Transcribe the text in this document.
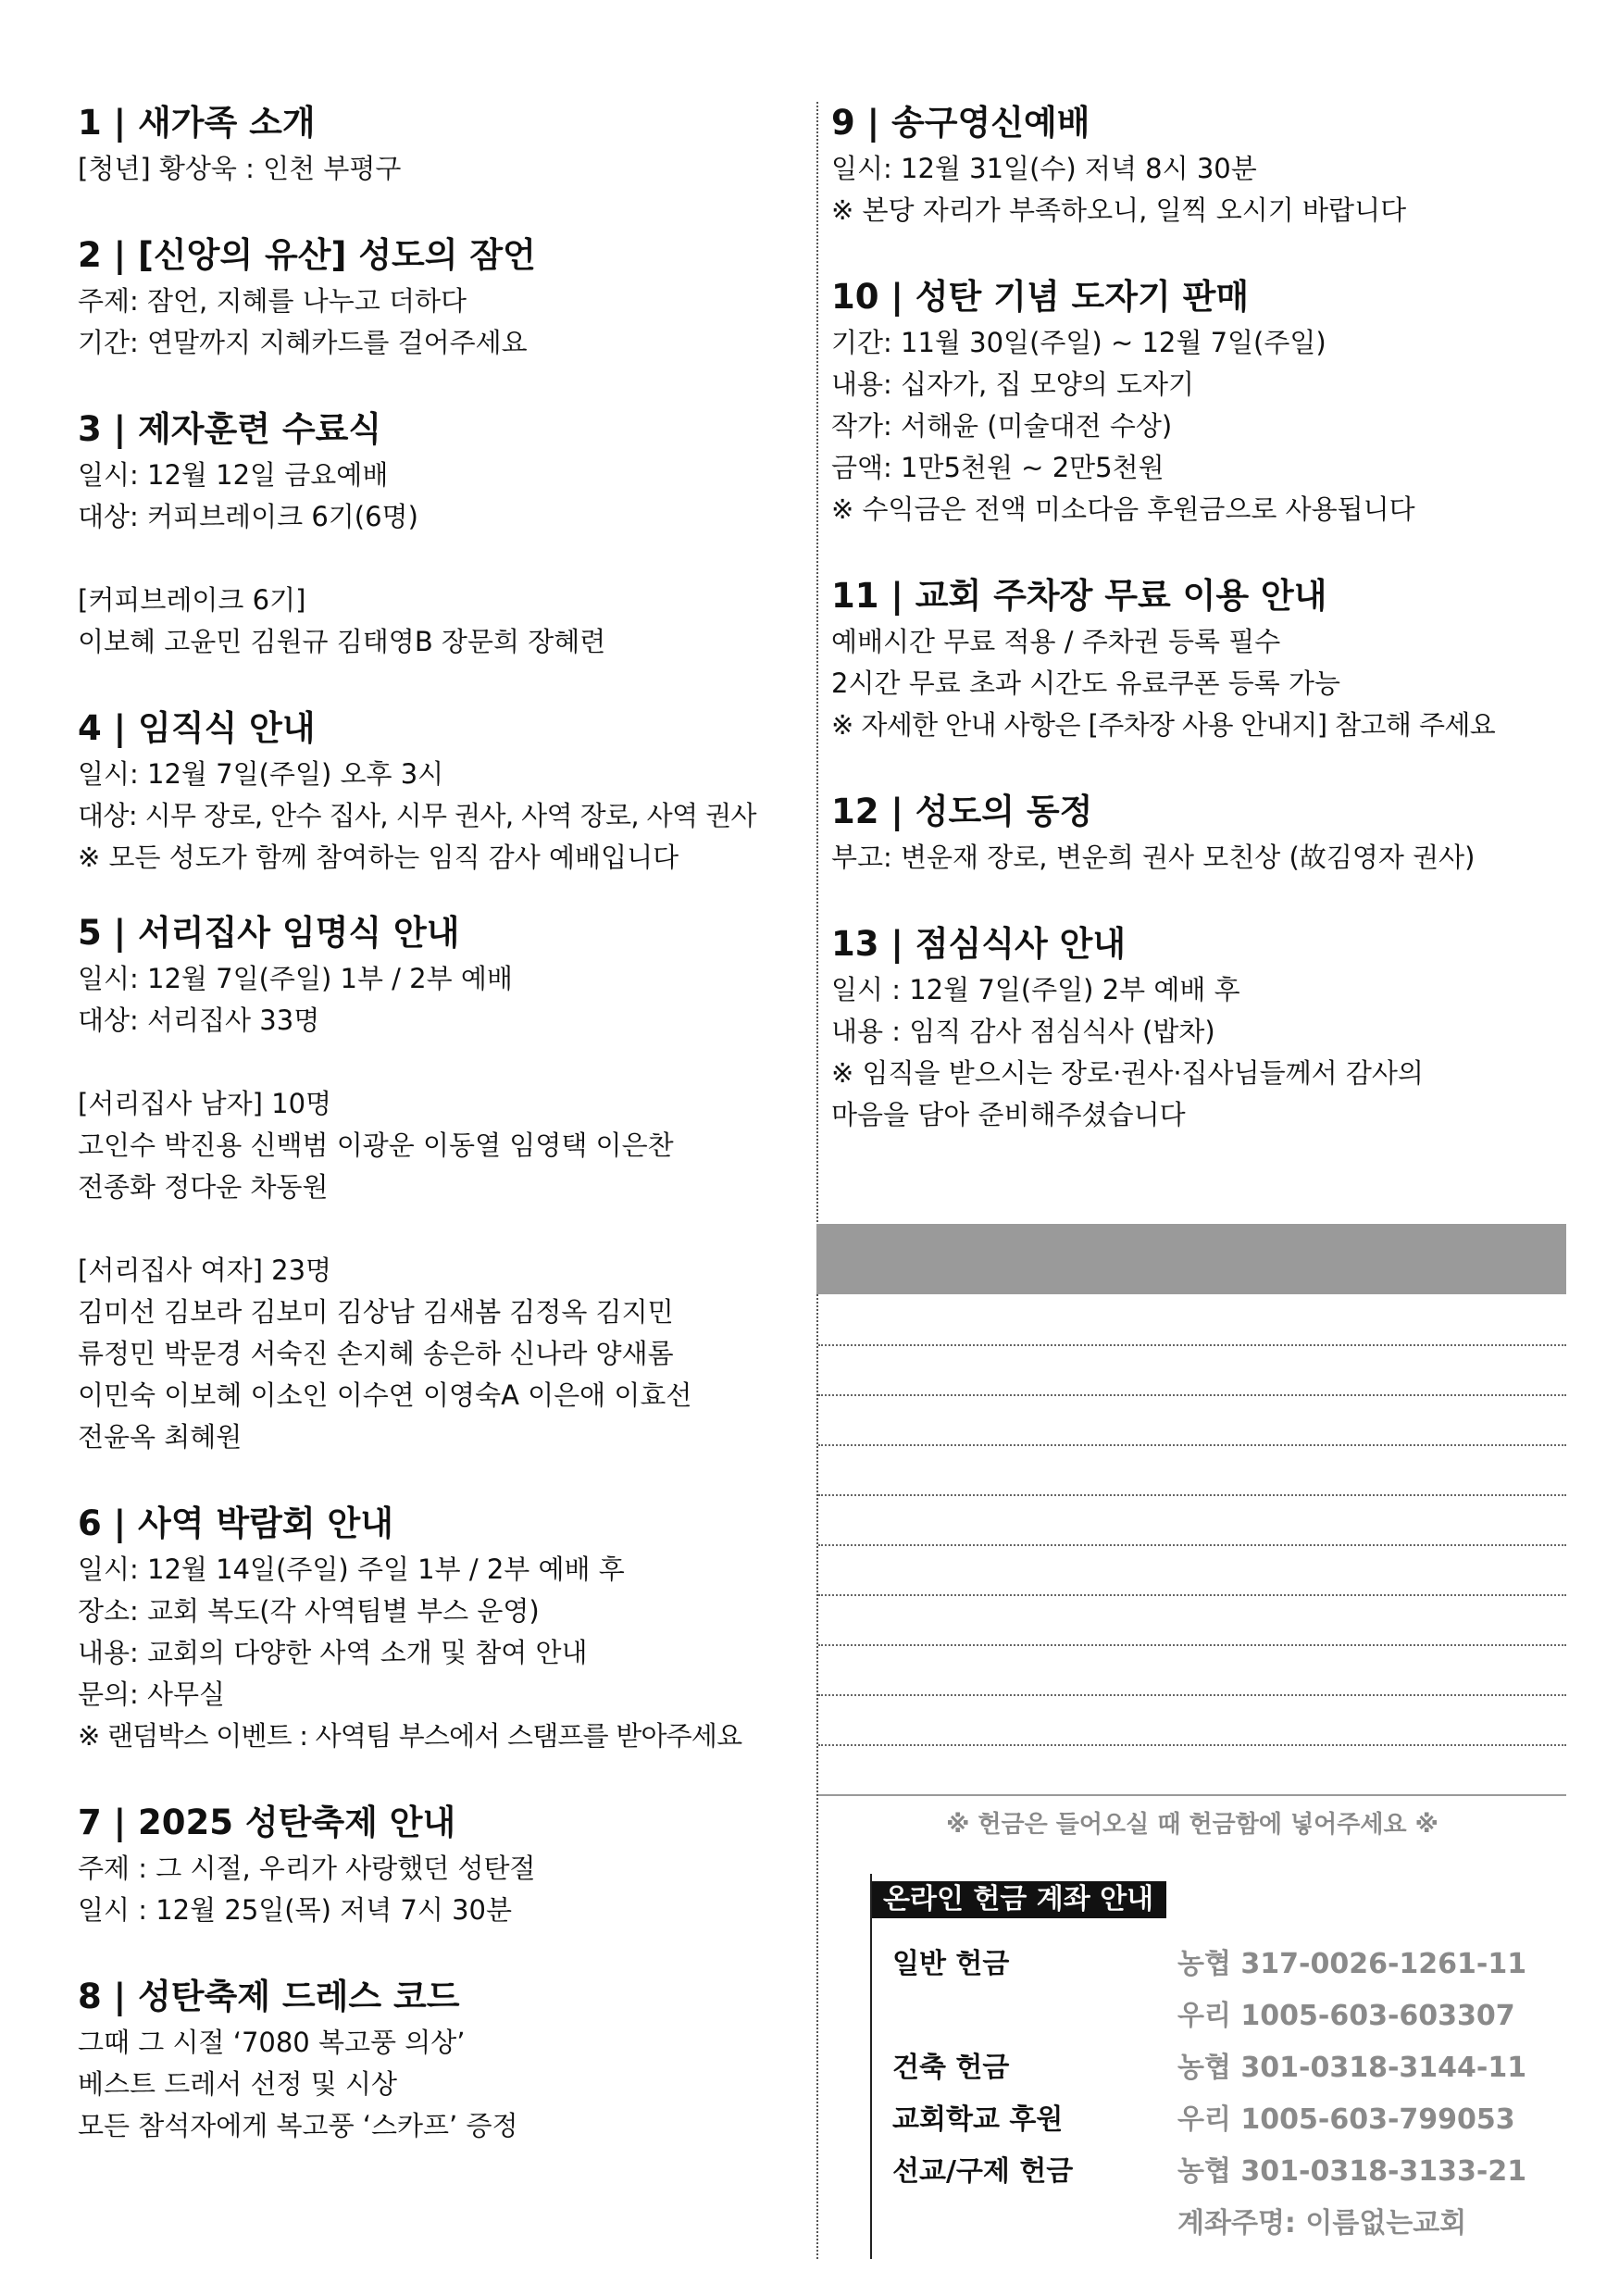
1 | 새가족 소개
[청년] 황상욱 : 인천 부평구
2 | [신앙의 유산] 성도의 잠언
주제: 잠언, 지혜를 나누고 더하다
기간: 연말까지 지혜카드를 걸어주세요
3 | 제자훈련 수료식
일시: 12월 12일 금요예배
대상: 커피브레이크 6기(6명)
[커피브레이크 6기]
이보혜 고윤민 김원규 김태영B 장문희 장혜련
4 | 임직식 안내
일시: 12월 7일(주일) 오후 3시
대상: 시무 장로, 안수 집사, 시무 권사, 사역 장로, 사역 권사
※ 모든 성도가 함께 참여하는 임직 감사 예배입니다
5 | 서리집사 임명식 안내
일시: 12월 7일(주일) 1부 / 2부 예배
대상: 서리집사 33명
[서리집사 남자] 10명
고인수 박진용 신백범 이광운 이동열 임영택 이은찬
전종화 정다운 차동원
[서리집사 여자] 23명
김미선 김보라 김보미 김상남 김새봄 김정옥 김지민
류정민 박문경 서숙진 손지혜 송은하 신나라 양새롬
이민숙 이보혜 이소인 이수연 이영숙A 이은애 이효선
전윤옥 최혜원
6 | 사역 박람회 안내
일시: 12월 14일(주일) 주일 1부 / 2부 예배 후
장소: 교회 복도(각 사역팀별 부스 운영)
내용: 교회의 다양한 사역 소개 및 참여 안내
문의: 사무실
※ 랜덤박스 이벤트 : 사역팀 부스에서 스탬프를 받아주세요
7 | 2025 성탄축제 안내
주제 : 그 시절, 우리가 사랑했던 성탄절
일시 : 12월 25일(목) 저녁 7시 30분
8 | 성탄축제 드레스 코드
그때 그 시절 ‘7080 복고풍 의상’
베스트 드레서 선정 및 시상
모든 참석자에게 복고풍 ‘스카프’ 증정
9 | 송구영신예배
일시: 12월 31일(수) 저녁 8시 30분
※ 본당 자리가 부족하오니, 일찍 오시기 바랍니다
10 | 성탄 기념 도자기 판매
기간: 11월 30일(주일) ~ 12월 7일(주일)
내용: 십자가, 집 모양의 도자기
작가: 서해윤 (미술대전 수상)
금액: 1만5천원 ~ 2만5천원
※ 수익금은 전액 미소다음 후원금으로 사용됩니다
11 | 교회 주차장 무료 이용 안내
예배시간 무료 적용 / 주차권 등록 필수
2시간 무료 초과 시간도 유료쿠폰 등록 가능
※ 자세한 안내 사항은 [주차장 사용 안내지] 참고해 주세요
12 | 성도의 동정
부고: 변운재 장로, 변운희 권사 모친상 (故김영자 권사)
13 | 점심식사 안내
일시 : 12월 7일(주일) 2부 예배 후
내용 : 임직 감사 점심식사 (밥차)
※ 임직을 받으시는 장로·권사·집사님들께서 감사의
마음을 담아 준비해주셨습니다
※ 헌금은 들어오실 때 헌금함에 넣어주세요 ※
온라인 헌금 계좌 안내
일반 헌금	농협 317-0026-1261-11
우리 1005-603-603307
건축 헌금	농협 301-0318-3144-11
교회학교 후원	우리 1005-603-799053
선교/구제 헌금	농협 301-0318-3133-21
계좌주명: 이름없는교회
